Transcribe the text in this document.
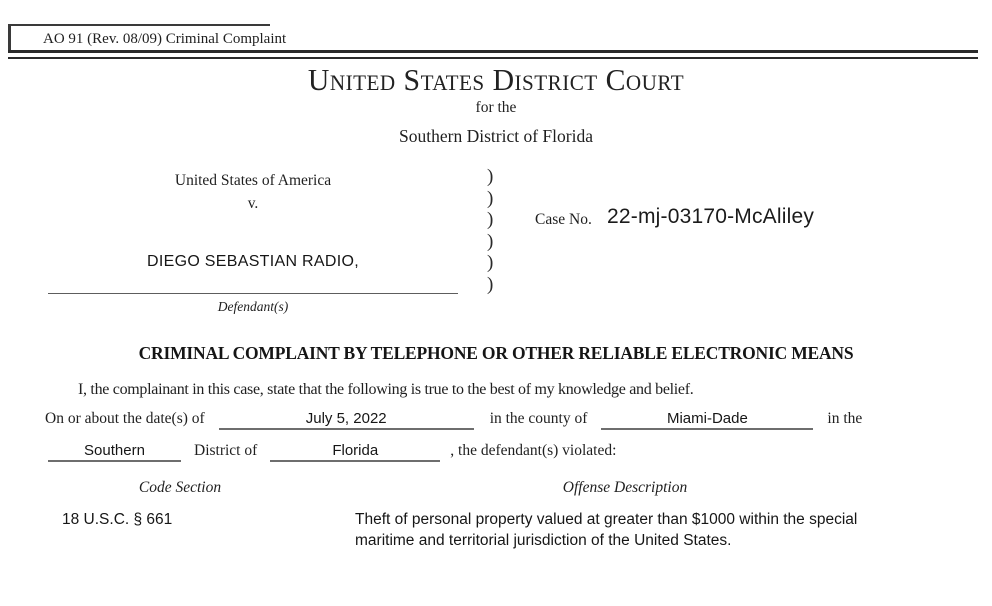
AO 91 (Rev. 08/09) Criminal Complaint
United States District Court
for the
Southern District of Florida
United States of America
v.
DIEGO SEBASTIAN RADIO,
Defendant(s)
)
)
)
)
)
)
Case No. 22-mj-03170-McAliley
CRIMINAL COMPLAINT BY TELEPHONE OR OTHER RELIABLE ELECTRONIC MEANS
I, the complainant in this case, state that the following is true to the best of my knowledge and belief.
On or about the date(s) of	July 5, 2022	in the county of	Miami-Dade	in the
Southern	District of	Florida	, the defendant(s) violated:
Code Section	Offense Description
18 U.S.C. § 661	Theft of personal property valued at greater than $1000 within the special maritime and territorial jurisdiction of the United States.
